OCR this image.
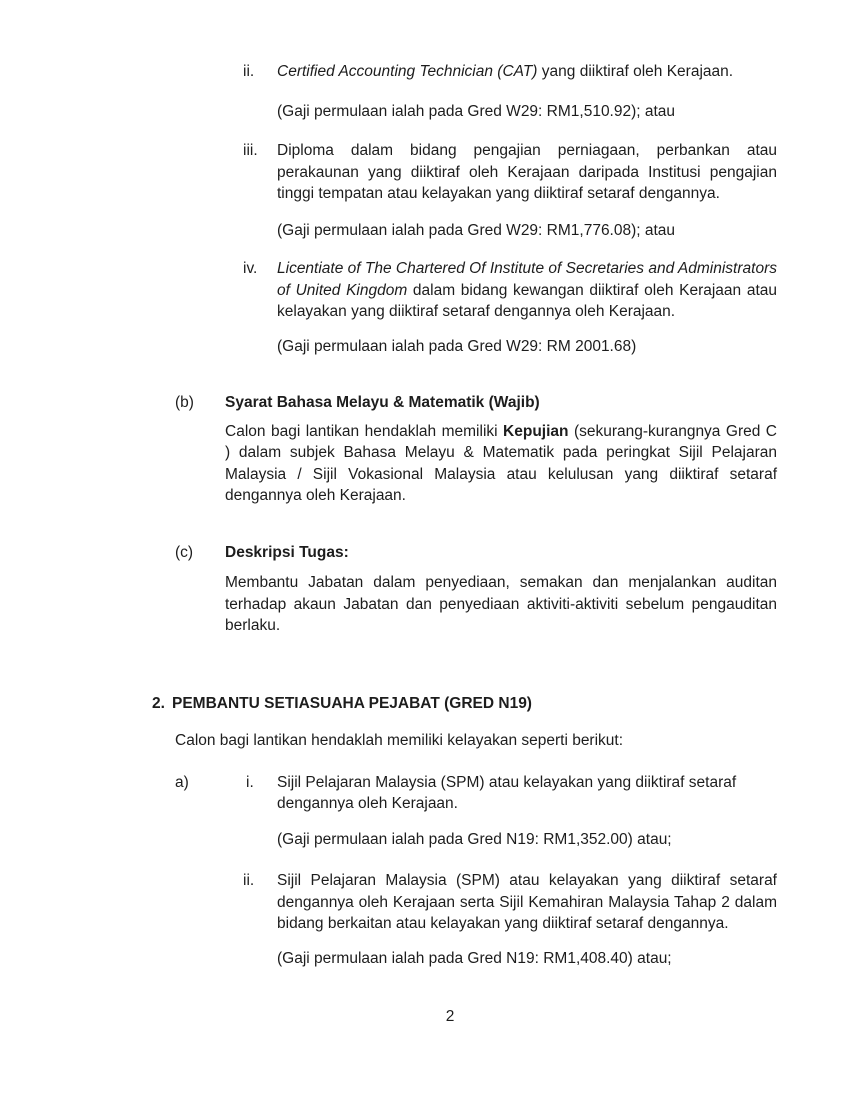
ii.	Certified Accounting Technician (CAT) yang diiktiraf oleh Kerajaan.
(Gaji permulaan ialah pada Gred W29: RM1,510.92); atau
iii.	Diploma dalam bidang pengajian perniagaan, perbankan atau perakaunan yang diiktiraf oleh Kerajaan daripada Institusi pengajian tinggi tempatan atau kelayakan yang diiktiraf setaraf dengannya.
(Gaji permulaan ialah pada Gred W29: RM1,776.08); atau
iv.	Licentiate of The Chartered Of Institute of Secretaries and Administrators of United Kingdom dalam bidang kewangan diiktiraf oleh Kerajaan atau kelayakan yang diiktiraf setaraf dengannya oleh Kerajaan.
(Gaji permulaan ialah pada Gred W29: RM 2001.68)
(b)	Syarat Bahasa Melayu & Matematik (Wajib)
Calon bagi lantikan hendaklah memiliki Kepujian (sekurang-kurangnya Gred C ) dalam subjek Bahasa Melayu & Matematik pada peringkat Sijil Pelajaran Malaysia / Sijil Vokasional Malaysia atau kelulusan yang diiktiraf setaraf dengannya oleh Kerajaan.
(c)	Deskripsi Tugas:
Membantu Jabatan dalam penyediaan, semakan dan menjalankan auditan terhadap akaun Jabatan dan penyediaan aktiviti-aktiviti sebelum pengauditan berlaku.
2. PEMBANTU SETIASUAHA PEJABAT (GRED N19)
Calon bagi lantikan hendaklah memiliki kelayakan seperti berikut:
a)	i.	Sijil Pelajaran Malaysia (SPM) atau kelayakan yang diiktiraf setaraf dengannya oleh Kerajaan.
(Gaji permulaan ialah pada Gred N19: RM1,352.00) atau;
ii.	Sijil Pelajaran Malaysia (SPM) atau kelayakan yang diiktiraf setaraf dengannya oleh Kerajaan serta Sijil Kemahiran Malaysia Tahap 2 dalam bidang berkaitan atau kelayakan yang diiktiraf setaraf dengannya.
(Gaji permulaan ialah pada Gred N19: RM1,408.40) atau;
2
